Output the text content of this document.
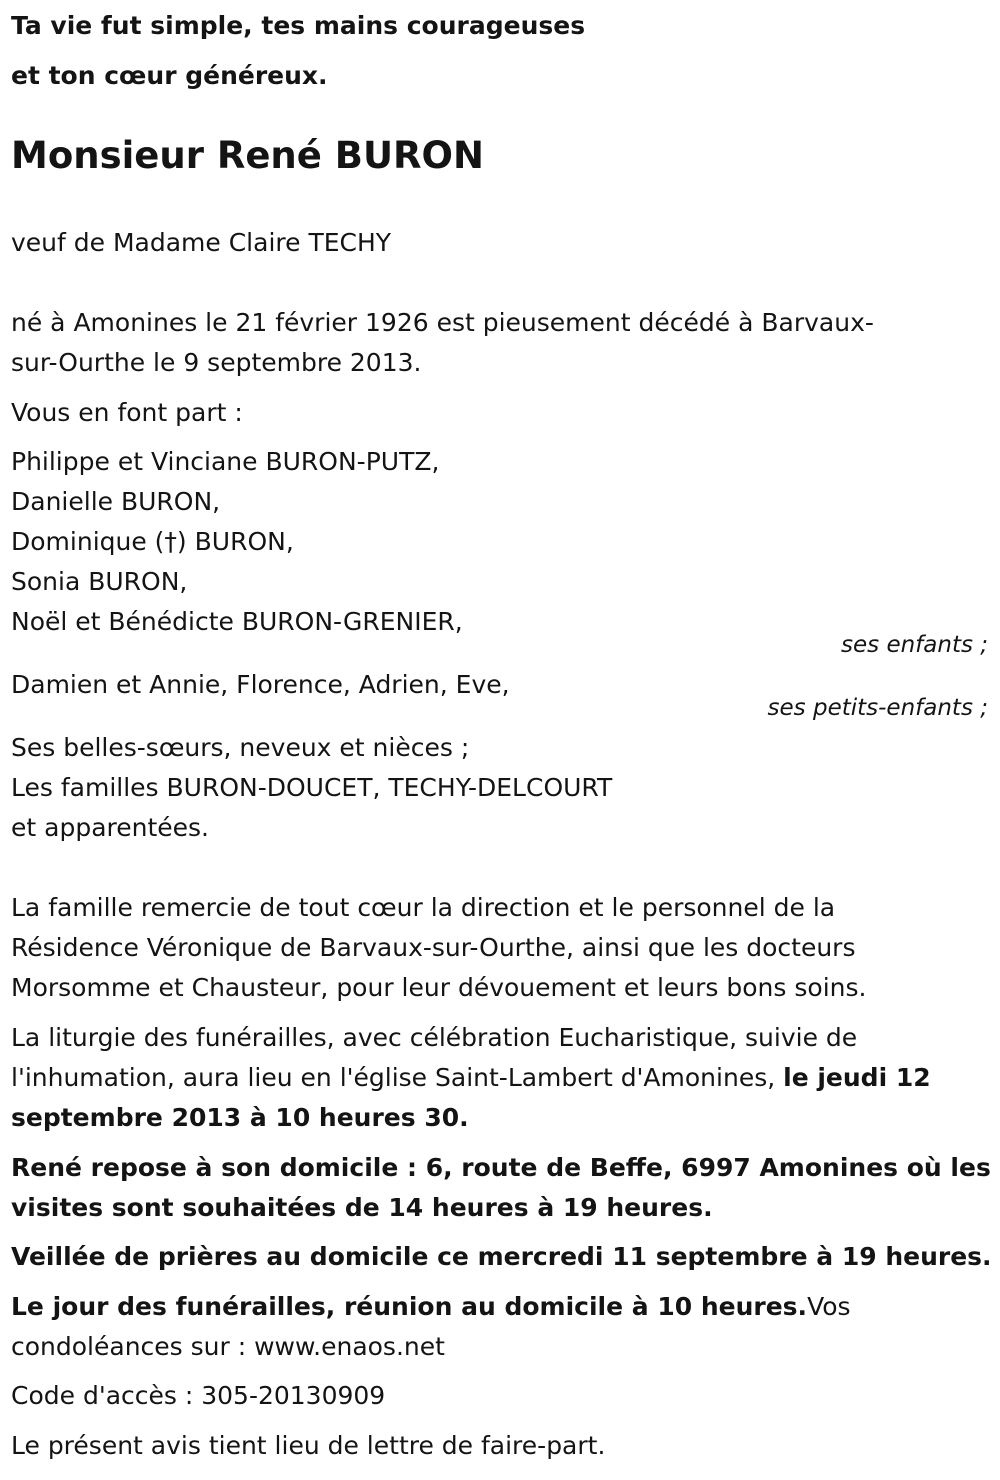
Ta vie fut simple, tes mains courageuses

et ton cœur généreux.

Monsieur René BURON

veuf de Madame Claire TECHY

né à Amonines le 21 février 1926 est pieusement décédé à Barvaux-

sur-Ourthe le 9 septembre 2013.

Vous en font part :

Philippe et Vinciane BURON-PUTZ,

Danielle BURON,

Dominique (†) BURON,

Sonia BURON,

Noël et Bénédicte BURON-GRENIER,

ses enfants ;

Damien et Annie, Florence, Adrien, Eve,

ses petits-enfants ;

Ses belles-sœurs, neveux et nièces ;

Les familles BURON-DOUCET, TECHY-DELCOURT

et apparentées.

La famille remercie de tout cœur la direction et le personnel de la

Résidence Véronique de Barvaux-sur-Ourthe, ainsi que les docteurs

Morsomme et Chausteur, pour leur dévouement et leurs bons soins.

La liturgie des funérailles, avec célébration Eucharistique, suivie de

l'inhumation, aura lieu en l'église Saint-Lambert d'Amonines, le jeudi 12

septembre 2013 à 10 heures 30.

René repose à son domicile : 6, route de Beffe, 6997 Amonines où les

visites sont souhaitées de 14 heures à 19 heures.

Veillée de prières au domicile ce mercredi 11 septembre à 19 heures.

Le jour des funérailles, réunion au domicile à 10 heures.Vos

condoléances sur : www.enaos.net

Code d'accès : 305-20130909

Le présent avis tient lieu de lettre de faire-part.
